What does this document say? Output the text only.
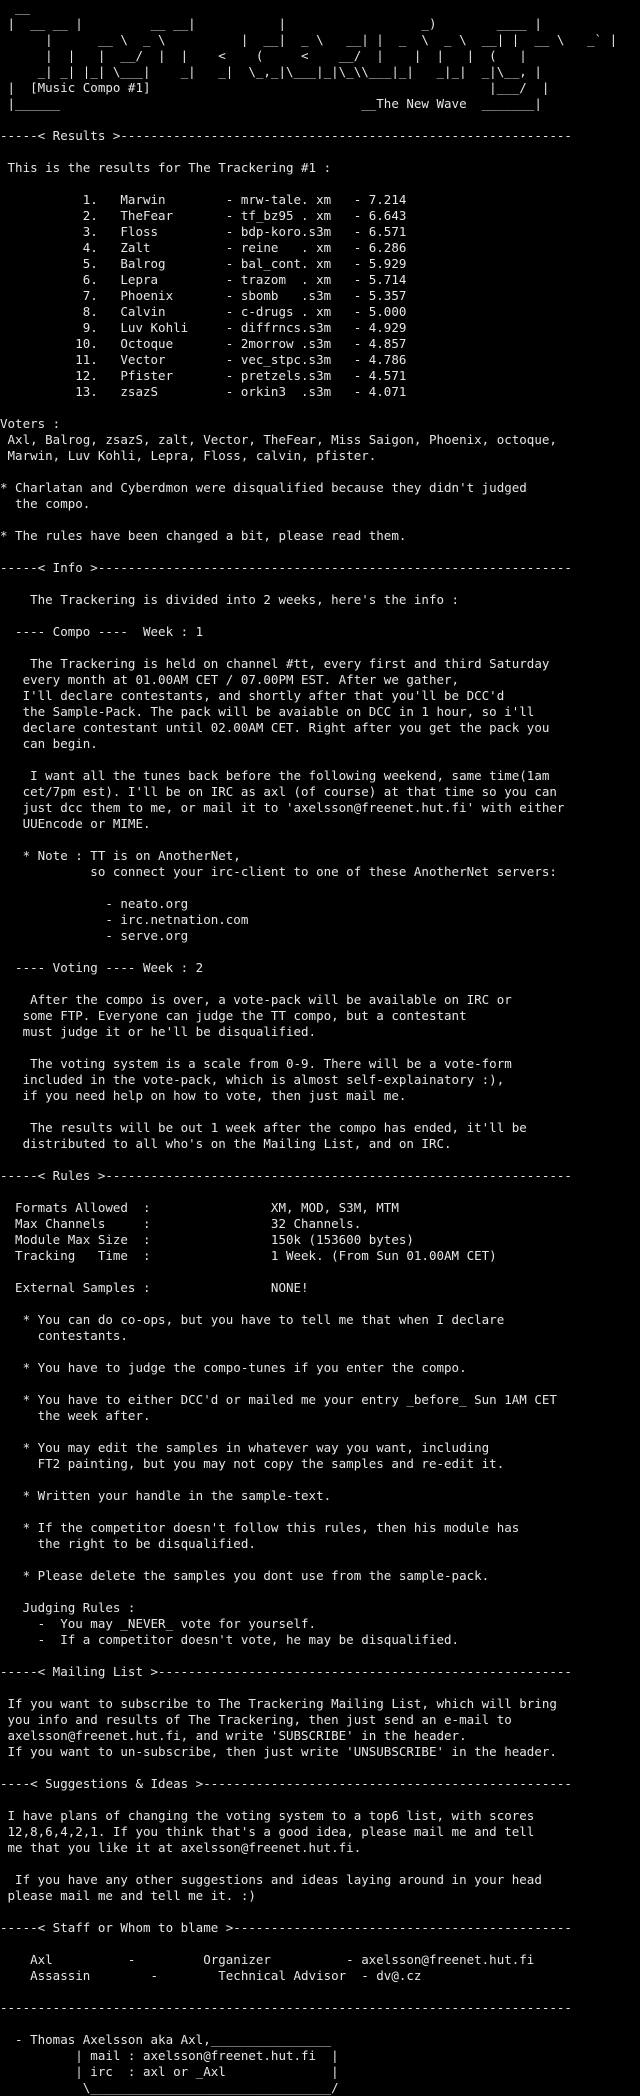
__
|  __ __ |         __ __|           |                  _)        ____ |
|      __ \  _ \          |  __|  _ \   __| |  _  \  _ \  __| |  __ \   _` |
|  |   |  __/  |  |    <    (     <    __/  |    |  |   |  (   |
_| _| |_| \___|    _|   _|  \_,_|\___|_|\_\\___|_|   _|_|  _|\__, |
|  [Music Compo #1]                                             |___/  |
|______                                        __The New Wave  _______|

-----< Results >------------------------------------------------------------

This is the results for The Trackering #1 :

1.   Marwin        - mrw-tale. xm   - 7.214
2.   TheFear       - tf_bz95 . xm   - 6.643
3.   Floss         - bdp-koro.s3m   - 6.571
4.   Zalt          - reine   . xm   - 6.286
5.   Balrog        - bal_cont. xm   - 5.929
6.   Lepra         - trazom  . xm   - 5.714
7.   Phoenix       - sbomb   .s3m   - 5.357
8.   Calvin        - c-drugs . xm   - 5.000
9.   Luv Kohli     - diffrncs.s3m   - 4.929
10.   Octoque       - 2morrow .s3m   - 4.857
11.   Vector        - vec_stpc.s3m   - 4.786
12.   Pfister       - pretzels.s3m   - 4.571
13.   zsazS         - orkin3  .s3m   - 4.071

Voters :
Axl, Balrog, zsazS, zalt, Vector, TheFear, Miss Saigon, Phoenix, octoque,
Marwin, Luv Kohli, Lepra, Floss, calvin, pfister.

* Charlatan and Cyberdmon were disqualified because they didn't judged
the compo.

* The rules have been changed a bit, please read them.

-----< Info >---------------------------------------------------------------

The Trackering is divided into 2 weeks, here's the info :

---- Compo ----  Week : 1

The Trackering is held on channel #tt, every first and third Saturday
every month at 01.00AM CET / 07.00PM EST. After we gather,
I'll declare contestants, and shortly after that you'll be DCC'd
the Sample-Pack. The pack will be avaiable on DCC in 1 hour, so i'll
declare contestant until 02.00AM CET. Right after you get the pack you
can begin.

I want all the tunes back before the following weekend, same time(1am
cet/7pm est). I'll be on IRC as axl (of course) at that time so you can
just dcc them to me, or mail it to 'axelsson@freenet.hut.fi' with either
UUEncode or MIME.

* Note : TT is on AnotherNet,
so connect your irc-client to one of these AnotherNet servers:

- neato.org
- irc.netnation.com
- serve.org

---- Voting ---- Week : 2

After the compo is over, a vote-pack will be available on IRC or
some FTP. Everyone can judge the TT compo, but a contestant
must judge it or he'll be disqualified.

The voting system is a scale from 0-9. There will be a vote-form
included in the vote-pack, which is almost self-explainatory :),
if you need help on how to vote, then just mail me.

The results will be out 1 week after the compo has ended, it'll be
distributed to all who's on the Mailing List, and on IRC.

-----< Rules >--------------------------------------------------------------

Formats Allowed  :                XM, MOD, S3M, MTM
Max Channels     :                32 Channels.
Module Max Size  :                150k (153600 bytes)
Tracking   Time  :                1 Week. (From Sun 01.00AM CET)

External Samples :                NONE!

* You can do co-ops, but you have to tell me that when I declare
contestants.

* You have to judge the compo-tunes if you enter the compo.

* You have to either DCC'd or mailed me your entry _before_ Sun 1AM CET
the week after.

* You may edit the samples in whatever way you want, including
FT2 painting, but you may not copy the samples and re-edit it.

* Written your handle in the sample-text.

* If the competitor doesn't follow this rules, then his module has
the right to be disqualified.

* Please delete the samples you dont use from the sample-pack.

Judging Rules :
-  You may _NEVER_ vote for yourself.
-  If a competitor doesn't vote, he may be disqualified.

-----< Mailing List >-------------------------------------------------------

If you want to subscribe to The Trackering Mailing List, which will bring
you info and results of The Trackering, then just send an e-mail to
axelsson@freenet.hut.fi, and write 'SUBSCRIBE' in the header.
If you want to un-subscribe, then just write 'UNSUBSCRIBE' in the header.

----< Suggestions & Ideas >-------------------------------------------------

I have plans of changing the voting system to a top6 list, with scores
12,8,6,4,2,1. If you think that's a good idea, please mail me and tell
me that you like it at axelsson@freenet.hut.fi.

If you have any other suggestions and ideas laying around in your head
please mail me and tell me it. :)

-----< Staff or Whom to blame >---------------------------------------------

Axl          -         Organizer          - axelsson@freenet.hut.fi
Assassin        -        Technical Advisor  - dv@.cz

----------------------------------------------------------------------------

- Thomas Axelsson aka Axl,________________
| mail : axelsson@freenet.hut.fi  |
| irc  : axl or _Axl              |
\________________________________/
